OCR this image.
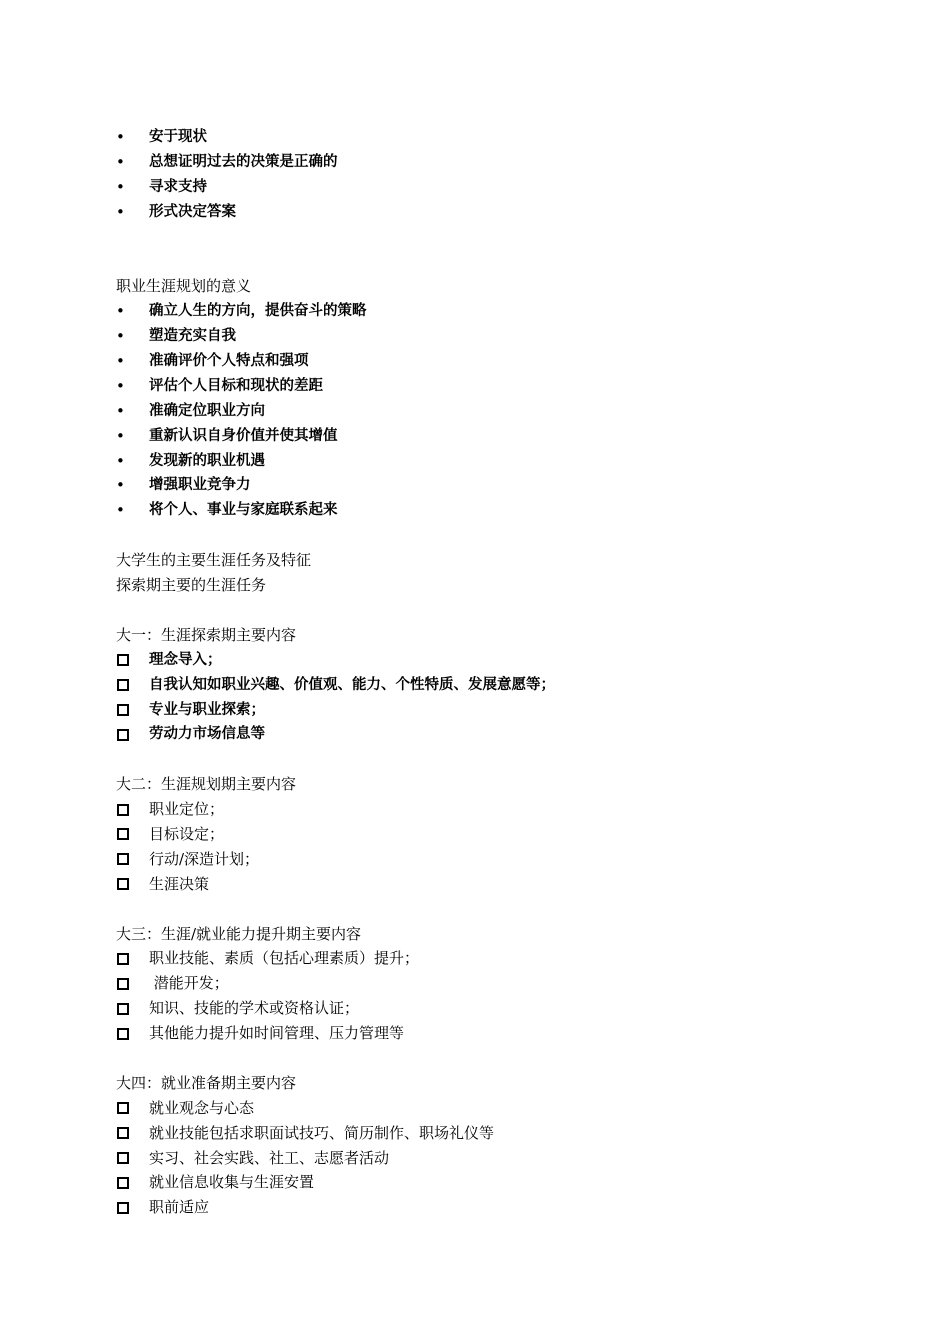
• 安于现状
• 总想证明过去的决策是正确的
• 寻求支持
• 形式决定答案
职业生涯规划的意义
• 确立人生的方向，提供奋斗的策略
• 塑造充实自我
• 准确评价个人特点和强项
• 评估个人目标和现状的差距
• 准确定位职业方向
• 重新认识自身价值并使其增值
• 发现新的职业机遇
• 增强职业竞争力
• 将个人、事业与家庭联系起来
大学生的主要生涯任务及特征
探索期主要的生涯任务
大一：生涯探索期主要内容
理念导入；
自我认知如职业兴趣、价值观、能力、个性特质、发展意愿等；
专业与职业探索；
劳动力市场信息等
大二：生涯规划期主要内容
职业定位；
目标设定；
行动/深造计划；
生涯决策
大三：生涯/就业能力提升期主要内容
职业技能、素质（包括心理素质）提升；
潜能开发；
知识、技能的学术或资格认证；
其他能力提升如时间管理、压力管理等
大四：就业准备期主要内容
就业观念与心态
就业技能包括求职面试技巧、简历制作、职场礼仪等
实习、社会实践、社工、志愿者活动
就业信息收集与生涯安置
职前适应
